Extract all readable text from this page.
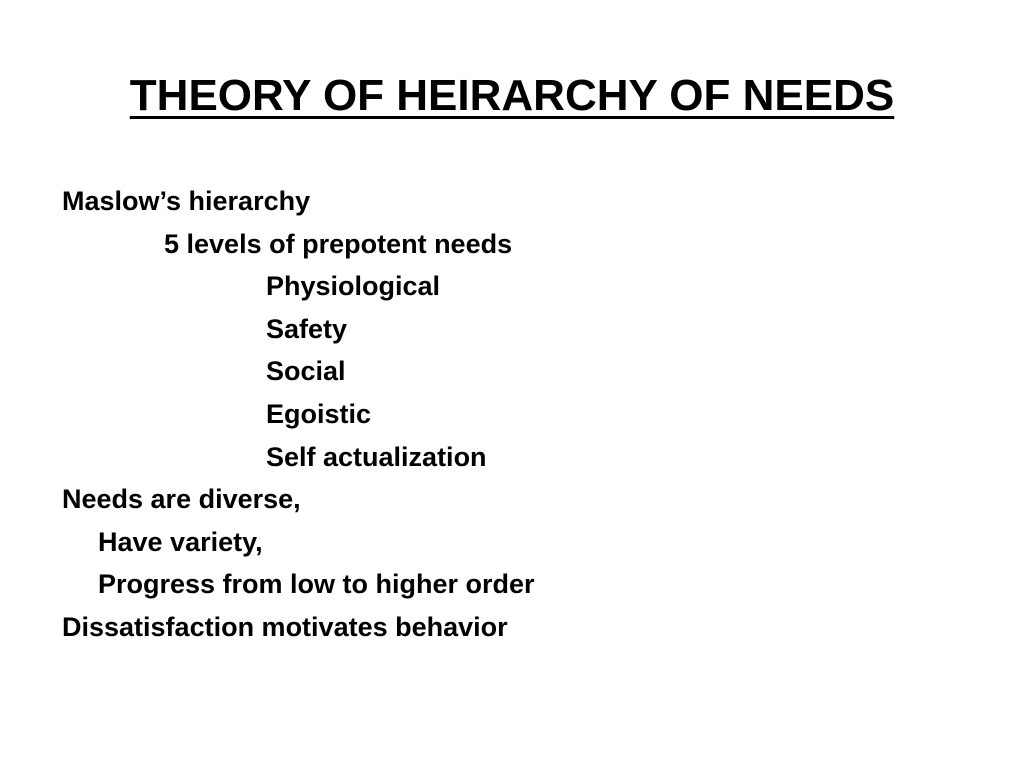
THEORY OF HEIRARCHY OF NEEDS
Maslow’s hierarchy
5 levels of prepotent needs
Physiological
Safety
Social
Egoistic
Self actualization
Needs are diverse,
Have variety,
Progress from low to higher order
Dissatisfaction motivates behavior
